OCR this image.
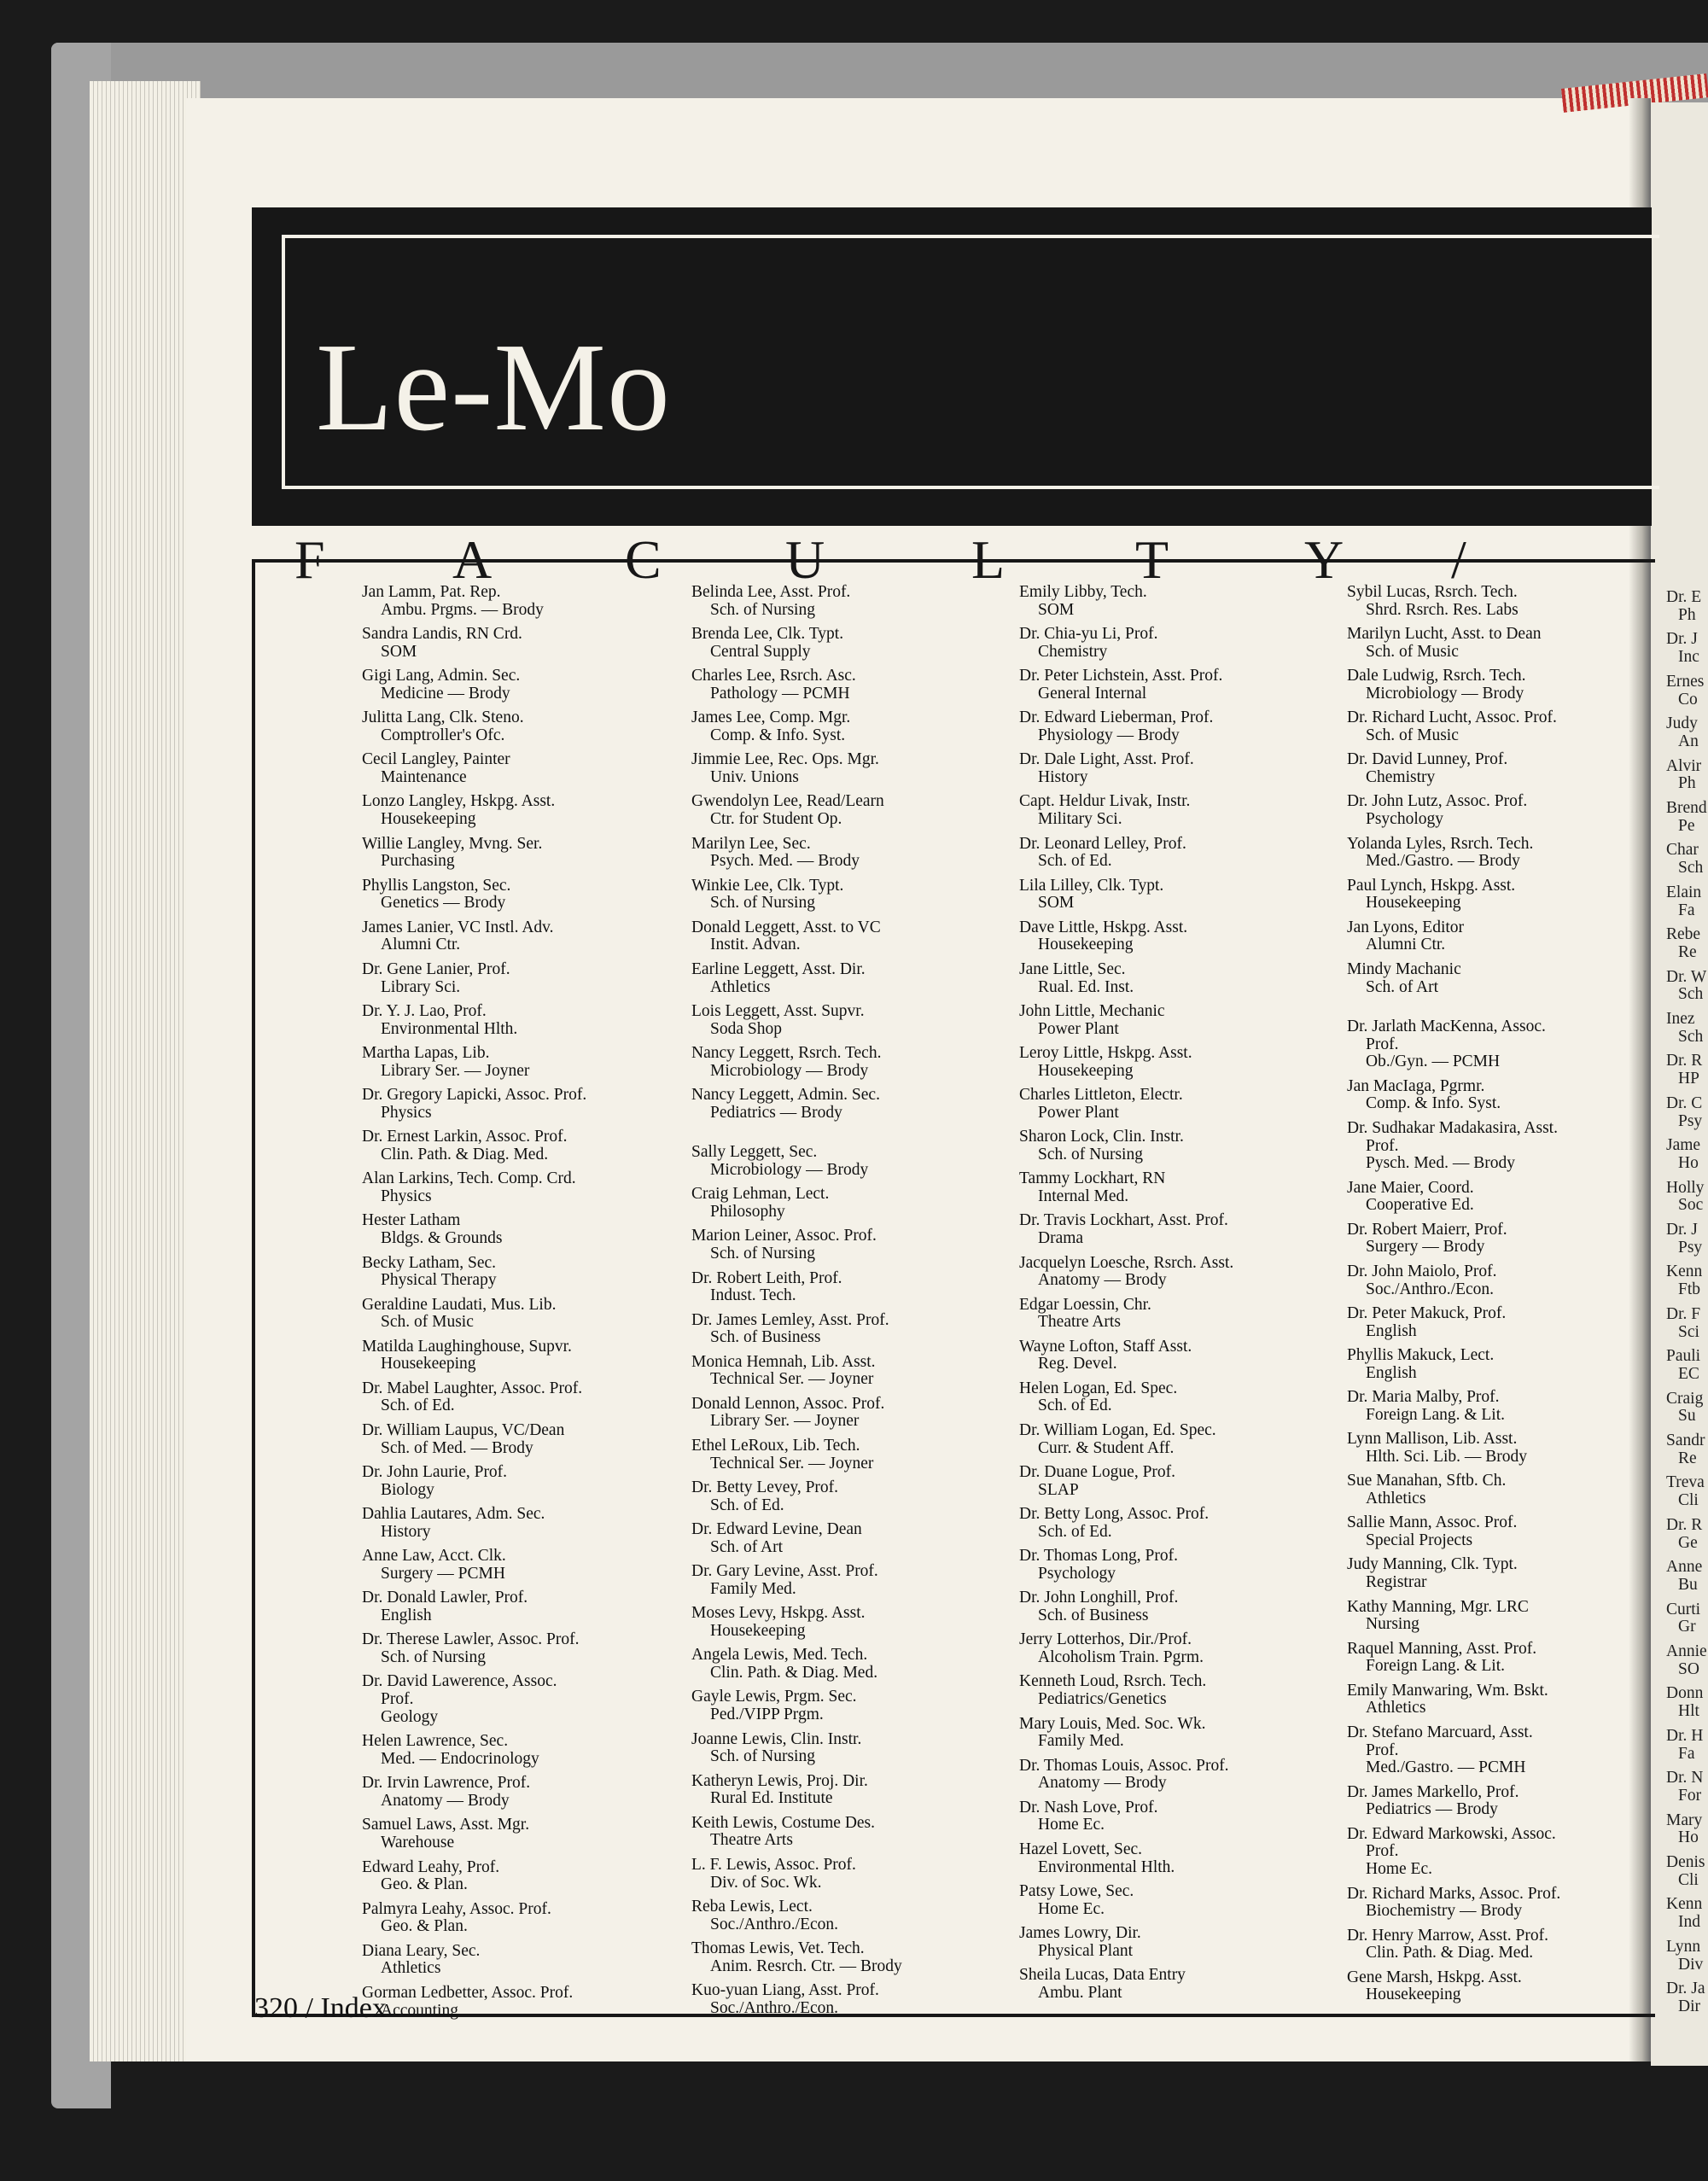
Le-Mo
F A C U	L T Y /
Jan Lamm, Pat. Rep.
Ambu. Prgms. — Brody
Sandra Landis, RN Crd.
SOM
Gigi Lang, Admin. Sec.
Medicine — Brody
Julitta Lang, Clk. Steno.
Comptroller's Ofc.
Cecil Langley, Painter
Maintenance
Lonzo Langley, Hskpg. Asst.
Housekeeping
Willie Langley, Mvng. Ser.
Purchasing
Phyllis Langston, Sec.
Genetics — Brody
James Lanier, VC Instl. Adv.
Alumni Ctr.
Dr. Gene Lanier, Prof.
Library Sci.
Dr. Y. J. Lao, Prof.
Environmental Hlth.
Martha Lapas, Lib.
Library Ser. — Joyner
Dr. Gregory Lapicki, Assoc. Prof.
Physics
Dr. Ernest Larkin, Assoc. Prof.
Clin. Path. & Diag. Med.
Alan Larkins, Tech. Comp. Crd.
Physics
Hester Latham
Bldgs. & Grounds
Becky Latham, Sec.
Physical Therapy
Geraldine Laudati, Mus. Lib.
Sch. of Music
Matilda Laughinghouse, Supvr.
Housekeeping
Dr. Mabel Laughter, Assoc. Prof.
Sch. of Ed.
Dr. William Laupus, VC/Dean
Sch. of Med. — Brody
Dr. John Laurie, Prof.
Biology
Dahlia Lautares, Adm. Sec.
History
Anne Law, Acct. Clk.
Surgery — PCMH
Dr. Donald Lawler, Prof.
English
Dr. Therese Lawler, Assoc. Prof.
Sch. of Nursing
Dr. David Lawerence, Assoc.
Prof.
Geology
Helen Lawrence, Sec.
Med. — Endocrinology
Dr. Irvin Lawrence, Prof.
Anatomy — Brody
Samuel Laws, Asst. Mgr.
Warehouse
Edward Leahy, Prof.
Geo. & Plan.
Palmyra Leahy, Assoc. Prof.
Geo. & Plan.
Diana Leary, Sec.
Athletics
Gorman Ledbetter, Assoc. Prof.
Accounting
Belinda Lee, Asst. Prof.
Sch. of Nursing
Brenda Lee, Clk. Typt.
Central Supply
Charles Lee, Rsrch. Asc.
Pathology — PCMH
James Lee, Comp. Mgr.
Comp. & Info. Syst.
Jimmie Lee, Rec. Ops. Mgr.
Univ. Unions
Gwendolyn Lee, Read/Learn
Ctr. for Student Op.
Marilyn Lee, Sec.
Psych. Med. — Brody
Winkie Lee, Clk. Typt.
Sch. of Nursing
Donald Leggett, Asst. to VC
Instit. Advan.
Earline Leggett, Asst. Dir.
Athletics
Lois Leggett, Asst. Supvr.
Soda Shop
Nancy Leggett, Rsrch. Tech.
Microbiology — Brody
Nancy Leggett, Admin. Sec.
Pediatrics — Brody
Sally Leggett, Sec.
Microbiology — Brody
Craig Lehman, Lect.
Philosophy
Marion Leiner, Assoc. Prof.
Sch. of Nursing
Dr. Robert Leith, Prof.
Indust. Tech.
Dr. James Lemley, Asst. Prof.
Sch. of Business
Monica Hemnah, Lib. Asst.
Technical Ser. — Joyner
Donald Lennon, Assoc. Prof.
Library Ser. — Joyner
Ethel LeRoux, Lib. Tech.
Technical Ser. — Joyner
Dr. Betty Levey, Prof.
Sch. of Ed.
Dr. Edward Levine, Dean
Sch. of Art
Dr. Gary Levine, Asst. Prof.
Family Med.
Moses Levy, Hskpg. Asst.
Housekeeping
Angela Lewis, Med. Tech.
Clin. Path. & Diag. Med.
Gayle Lewis, Prgm. Sec.
Ped./VIPP Prgm.
Joanne Lewis, Clin. Instr.
Sch. of Nursing
Katheryn Lewis, Proj. Dir.
Rural Ed. Institute
Keith Lewis, Costume Des.
Theatre Arts
L. F. Lewis, Assoc. Prof.
Div. of Soc. Wk.
Reba Lewis, Lect.
Soc./Anthro./Econ.
Thomas Lewis, Vet. Tech.
Anim. Resrch. Ctr. — Brody
Kuo-yuan Liang, Asst. Prof.
Soc./Anthro./Econ.
Emily Libby, Tech.
SOM
Dr. Chia-yu Li, Prof.
Chemistry
Dr. Peter Lichstein, Asst. Prof.
General Internal
Dr. Edward Lieberman, Prof.
Physiology — Brody
Dr. Dale Light, Asst. Prof.
History
Capt. Heldur Livak, Instr.
Military Sci.
Dr. Leonard Lelley, Prof.
Sch. of Ed.
Lila Lilley, Clk. Typt.
SOM
Dave Little, Hskpg. Asst.
Housekeeping
Jane Little, Sec.
Rual. Ed. Inst.
John Little, Mechanic
Power Plant
Leroy Little, Hskpg. Asst.
Housekeeping
Charles Littleton, Electr.
Power Plant
Sharon Lock, Clin. Instr.
Sch. of Nursing
Tammy Lockhart, RN
Internal Med.
Dr. Travis Lockhart, Asst. Prof.
Drama
Jacquelyn Loesche, Rsrch. Asst.
Anatomy — Brody
Edgar Loessin, Chr.
Theatre Arts
Wayne Lofton, Staff Asst.
Reg. Devel.
Helen Logan, Ed. Spec.
Sch. of Ed.
Dr. William Logan, Ed. Spec.
Curr. & Student Aff.
Dr. Duane Logue, Prof.
SLAP
Dr. Betty Long, Assoc. Prof.
Sch. of Ed.
Dr. Thomas Long, Prof.
Psychology
Dr. John Longhill, Prof.
Sch. of Business
Jerry Lotterhos, Dir./Prof.
Alcoholism Train. Pgrm.
Kenneth Loud, Rsrch. Tech.
Pediatrics/Genetics
Mary Louis, Med. Soc. Wk.
Family Med.
Dr. Thomas Louis, Assoc. Prof.
Anatomy — Brody
Dr. Nash Love, Prof.
Home Ec.
Hazel Lovett, Sec.
Environmental Hlth.
Patsy Lowe, Sec.
Home Ec.
James Lowry, Dir.
Physical Plant
Sheila Lucas, Data Entry
Ambu. Plant
Sybil Lucas, Rsrch. Tech.
Shrd. Rsrch. Res. Labs
Marilyn Lucht, Asst. to Dean
Sch. of Music
Dale Ludwig, Rsrch. Tech.
Microbiology — Brody
Dr. Richard Lucht, Assoc. Prof.
Sch. of Music
Dr. David Lunney, Prof.
Chemistry
Dr. John Lutz, Assoc. Prof.
Psychology
Yolanda Lyles, Rsrch. Tech.
Med./Gastro. — Brody
Paul Lynch, Hskpg. Asst.
Housekeeping
Jan Lyons, Editor
Alumni Ctr.
Mindy Machanic
Sch. of Art
Dr. Jarlath MacKenna, Assoc.
Prof.
Ob./Gyn. — PCMH
Jan MacIaga, Pgrmr.
Comp. & Info. Syst.
Dr. Sudhakar Madakasira, Asst.
Prof.
Pysch. Med. — Brody
Jane Maier, Coord.
Cooperative Ed.
Dr. Robert Maierr, Prof.
Surgery — Brody
Dr. John Maiolo, Prof.
Soc./Anthro./Econ.
Dr. Peter Makuck, Prof.
English
Phyllis Makuck, Lect.
English
Dr. Maria Malby, Prof.
Foreign Lang. & Lit.
Lynn Mallison, Lib. Asst.
Hlth. Sci. Lib. — Brody
Sue Manahan, Sftb. Ch.
Athletics
Sallie Mann, Assoc. Prof.
Special Projects
Judy Manning, Clk. Typt.
Registrar
Kathy Manning, Mgr. LRC
Nursing
Raquel Manning, Asst. Prof.
Foreign Lang. & Lit.
Emily Manwaring, Wm. Bskt.
Athletics
Dr. Stefano Marcuard, Asst.
Prof.
Med./Gastro. — PCMH
Dr. James Markello, Prof.
Pediatrics — Brody
Dr. Edward Markowski, Assoc.
Prof.
Home Ec.
Dr. Richard Marks, Assoc. Prof.
Biochemistry — Brody
Dr. Henry Marrow, Asst. Prof.
Clin. Path. & Diag. Med.
Gene Marsh, Hskpg. Asst.
Housekeeping
Dr. E
Ph
Dr. J
Inc
Ernes
Co
Judy
An
Alvir
Ph
Brend
Pe
Char
Sch
Elain
Fa
Rebe
Re
Dr. W
Sch
Inez
Sch
Dr. R
HP
Dr. C
Psy
Jame
Ho
Holly
Soc
Dr. J
Psy
Kenn
Ftb
Dr. F
Sci
Pauli
EC
Craig
Su
Sandr
Re
Treva
Cli
Dr. R
Ge
Anne
Bu
Curti
Gr
Annie
SO
Donn
Hlt
Dr. H
Fa
Dr. N
For
Mary
Ho
Denis
Cli
Kenn
Ind
Lynn
Div
Dr. Ja
Dir
320 / Index
